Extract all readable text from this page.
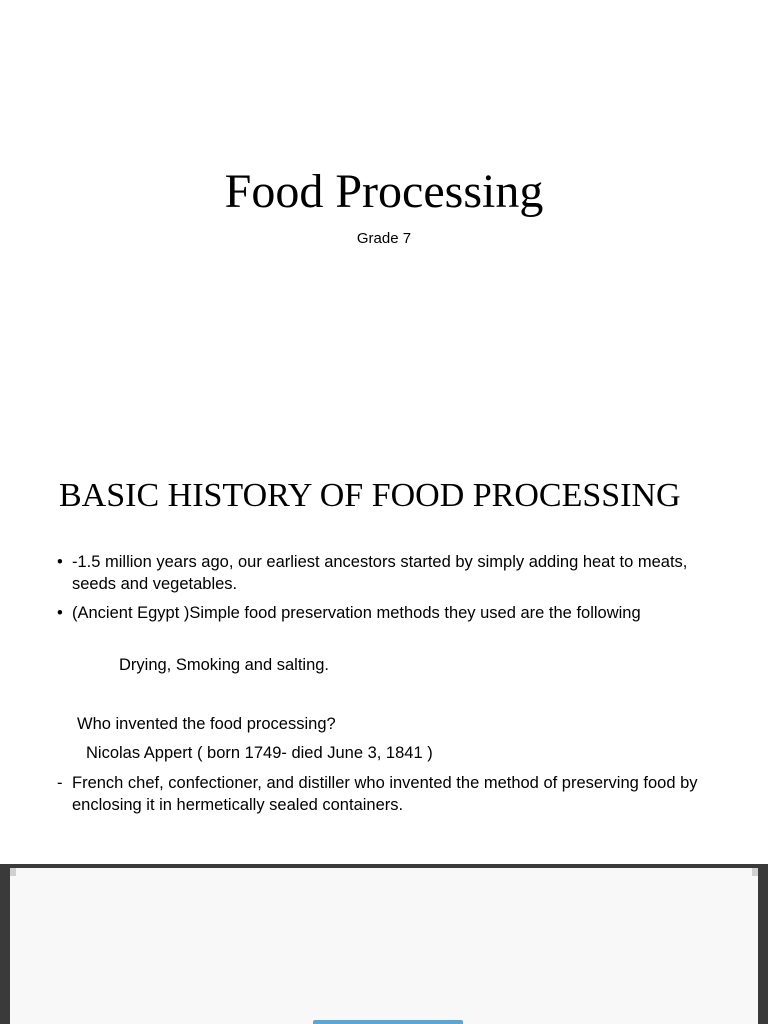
Food Processing
Grade 7
BASIC HISTORY OF FOOD PROCESSING
• -1.5 million years ago, our earliest ancestors started by simply adding heat to meats, seeds and vegetables.
• (Ancient Egypt )Simple food preservation methods they used are the following
Drying, Smoking and salting.
Who invented the food processing?
Nicolas Appert ( born 1749- died June 3, 1841 )
- French chef, confectioner, and distiller who invented the method of preserving food by enclosing it in hermetically sealed containers.
